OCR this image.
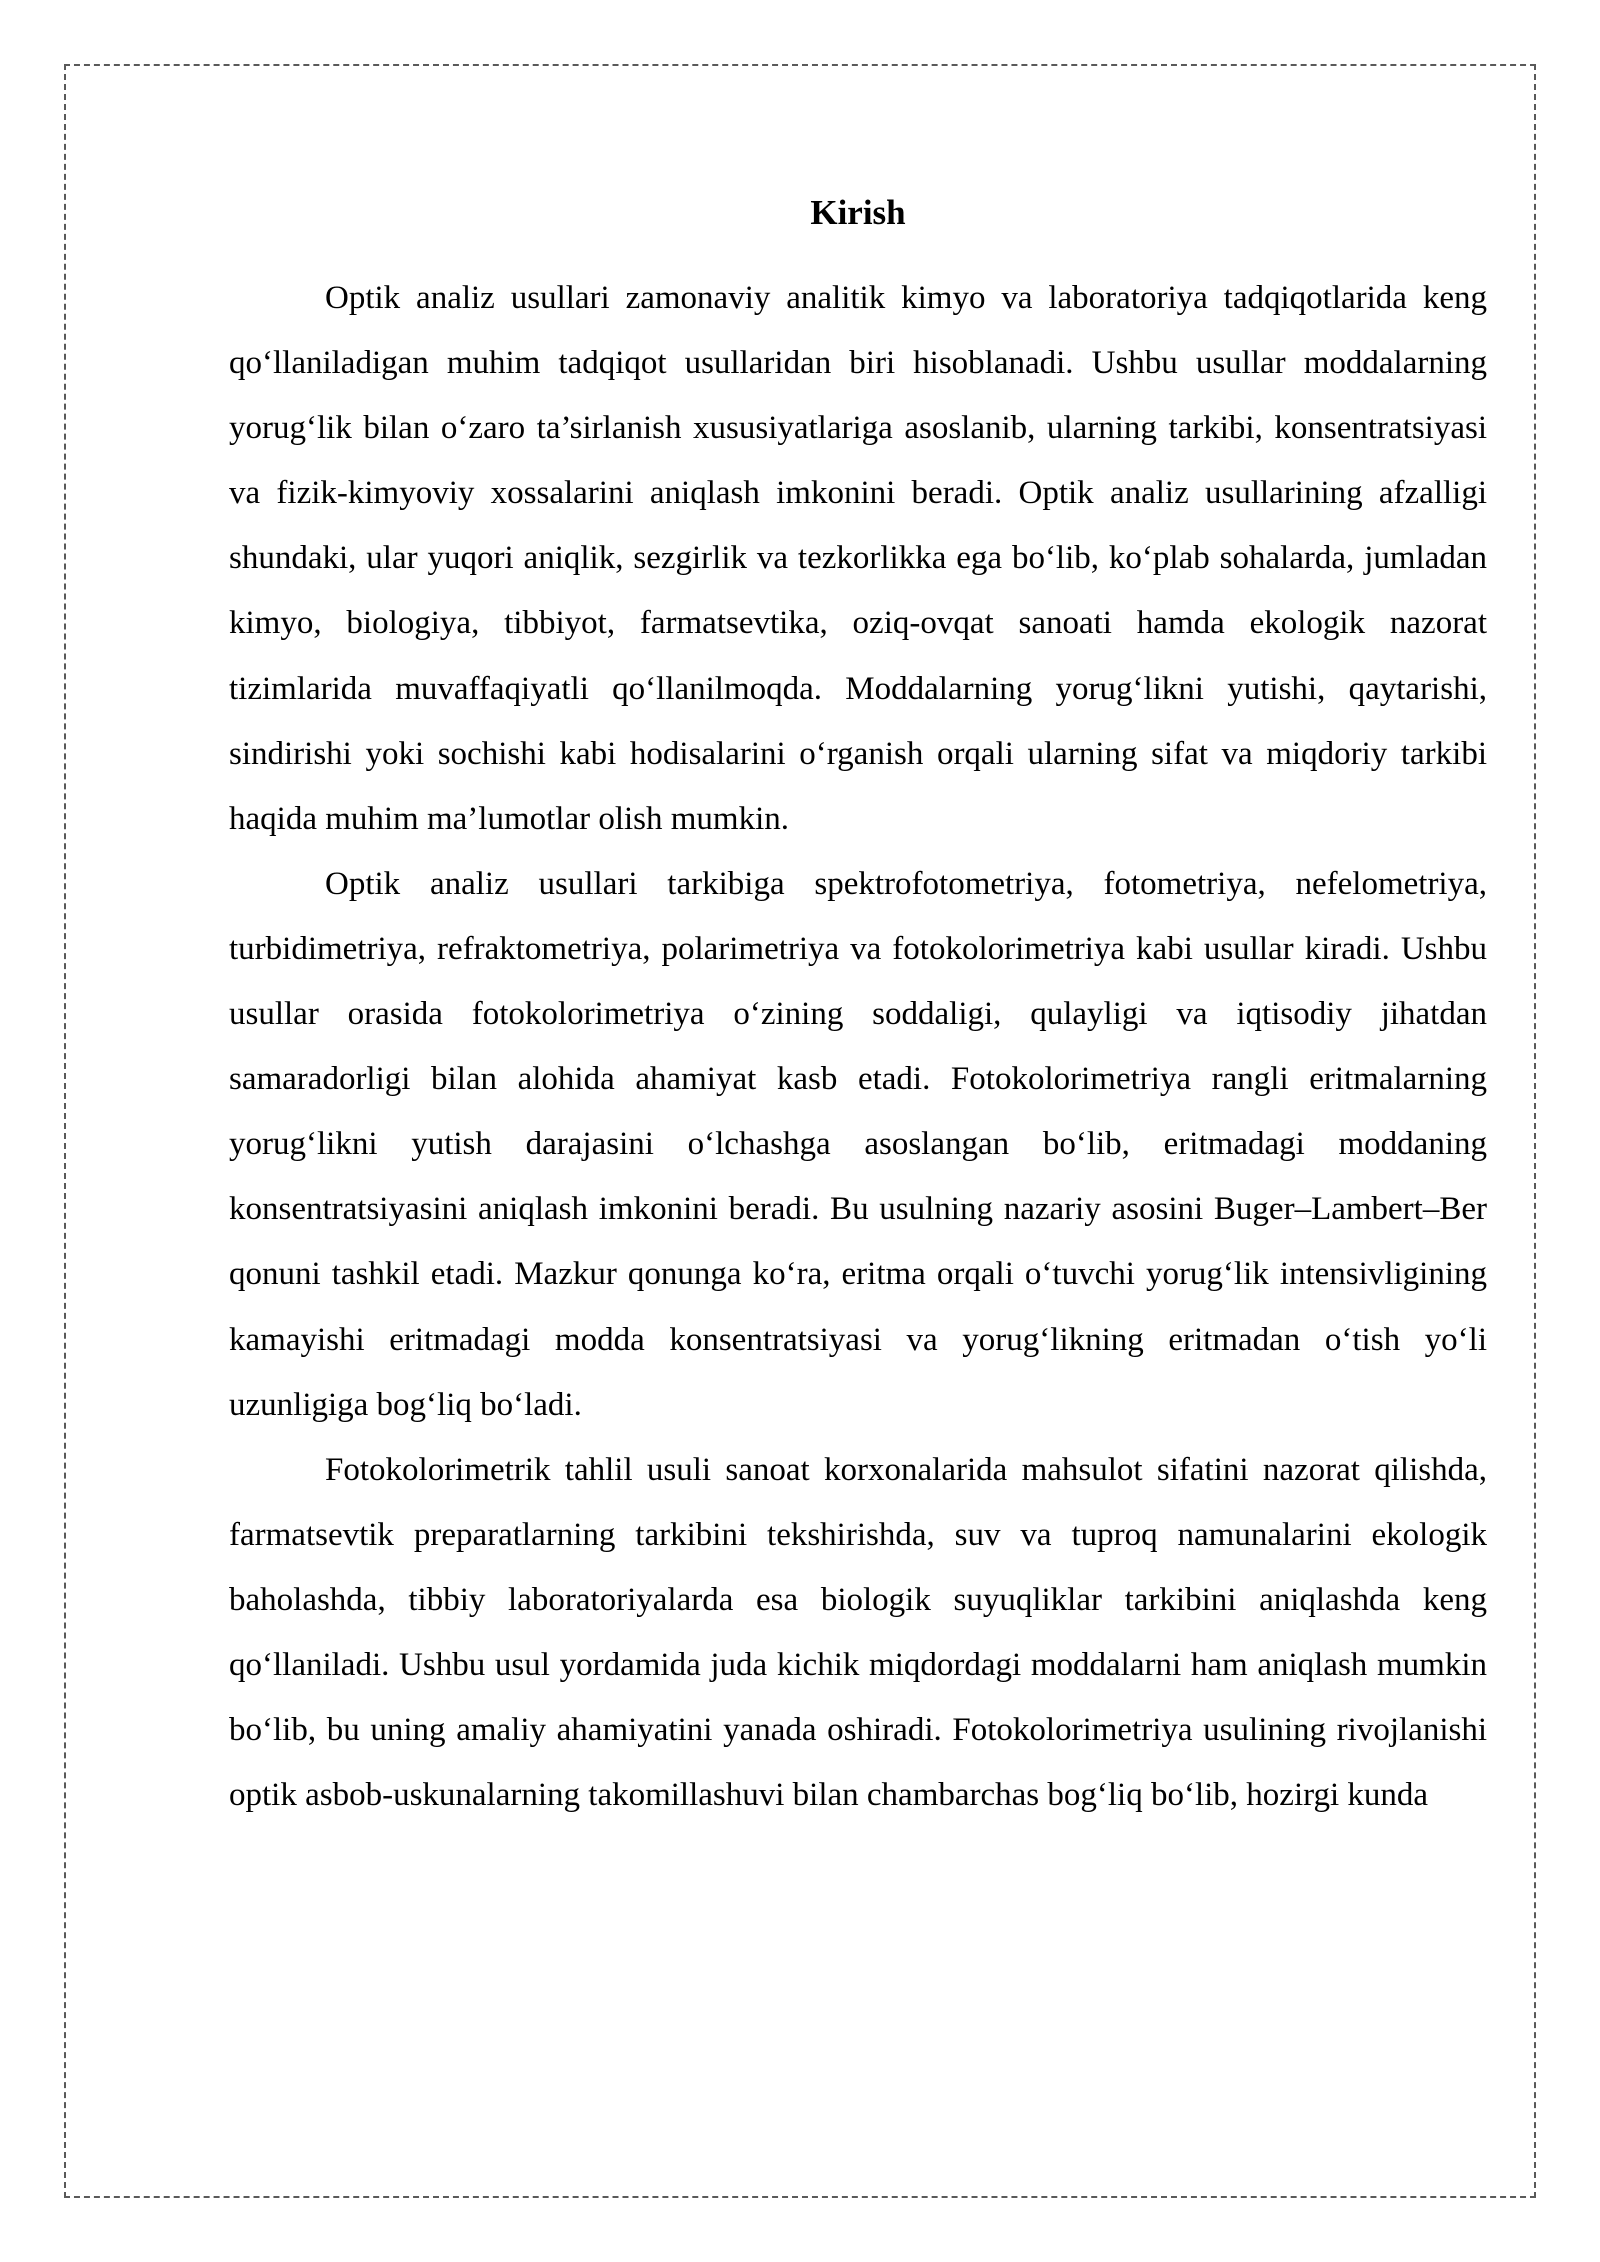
Kirish

Optik analiz usullari zamonaviy analitik kimyo va laboratoriya tadqiqotlarida keng qo‘llaniladigan muhim tadqiqot usullaridan biri hisoblanadi. Ushbu usullar moddalarning yorug‘lik bilan o‘zaro ta’sirlanish xususiyatlariga asoslanib, ularning tarkibi, konsentratsiyasi va fizik-kimyoviy xossalarini aniqlash imkonini beradi. Optik analiz usullarining afzalligi shundaki, ular yuqori aniqlik, sezgirlik va tezkorlikka ega bo‘lib, ko‘plab sohalarda, jumladan kimyo, biologiya, tibbiyot, farmatsevtika, oziq-ovqat sanoati hamda ekologik nazorat tizimlarida muvaffaqiyatli qo‘llanilmoqda. Moddalarning yorug‘likni yutishi, qaytarishi, sindirishi yoki sochishi kabi hodisalarini o‘rganish orqali ularning sifat va miqdoriy tarkibi haqida muhim ma’lumotlar olish mumkin.

Optik analiz usullari tarkibiga spektrofotometriya, fotometriya, nefelometriya, turbidimetriya, refraktometriya, polarimetriya va fotokolorimetriya kabi usullar kiradi. Ushbu usullar orasida fotokolorimetriya o‘zining soddaligi, qulayligi va iqtisodiy jihatdan samaradorligi bilan alohida ahamiyat kasb etadi. Fotokolorimetriya rangli eritmalarning yorug‘likni yutish darajasini o‘lchashga asoslangan bo‘lib, eritmadagi moddaning konsentratsiyasini aniqlash imkonini beradi. Bu usulning nazariy asosini Buger–Lambert–Ber qonuni tashkil etadi. Mazkur qonunga ko‘ra, eritma orqali o‘tuvchi yorug‘lik intensivligining kamayishi eritmadagi modda konsentratsiyasi va yorug‘likning eritmadan o‘tish yo‘li uzunligiga bog‘liq bo‘ladi.

Fotokolorimetrik tahlil usuli sanoat korxonalarida mahsulot sifatini nazorat qilishda, farmatsevtik preparatlarning tarkibini tekshirishda, suv va tuproq namunalarini ekologik baholashda, tibbiy laboratoriyalarda esa biologik suyuqliklar tarkibini aniqlashda keng qo‘llaniladi. Ushbu usul yordamida juda kichik miqdordagi moddalarni ham aniqlash mumkin bo‘lib, bu uning amaliy ahamiyatini yanada oshiradi. Fotokolorimetriya usulining rivojlanishi optik asbob-uskunalarning takomillashuvi bilan chambarchas bog‘liq bo‘lib, hozirgi kunda
